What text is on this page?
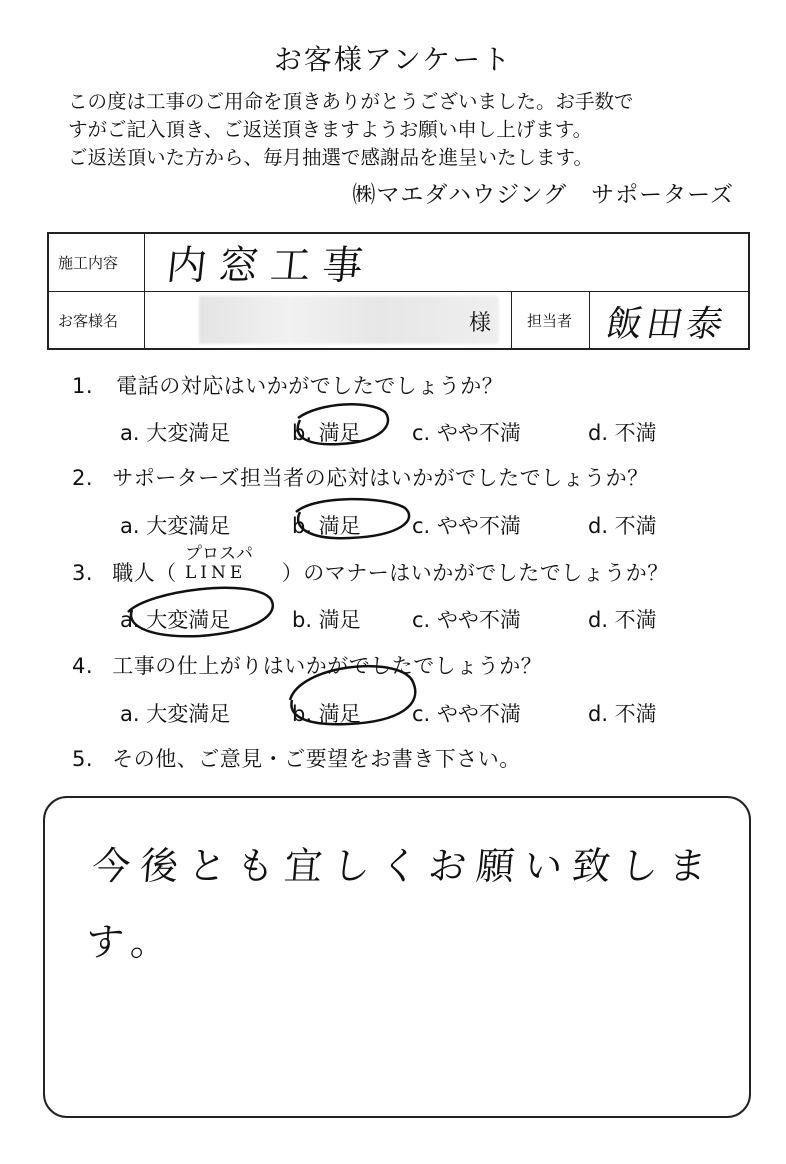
お客様アンケート
この度は工事のご用命を頂きありがとうございました。お手数で
すがご記入頂き、ご返送頂きますようお願い申し上げます。
ご返送頂いた方から、毎月抽選で感謝品を進呈いたします。
㈱マエダハウジング　サポーターズ
施工内容 内窓工事
お客様名	様 担当者 飯田泰
1. 電話の対応はいかがでしたでしょうか？
a. 大変満足	b. 満足 c. やや不満	d. 不満
2. サポーターズ担当者の応対はいかがでしたでしょうか？
a. 大変満足	b. 満足 c. やや不満	d. 不満
3. 職人（	）のマナーはいかがでしたでしょうか？
プロスパ
LINE
a. 大変満足	b. 満足 c. やや不満	d. 不満
4. 工事の仕上がりはいかがでしたでしょうか？
a. 大変満足	b. 満足 c. やや不満	d. 不満
5. その他、ご意見・ご要望をお書き下さい。
今後とも宜しくお願い致しま
す。
